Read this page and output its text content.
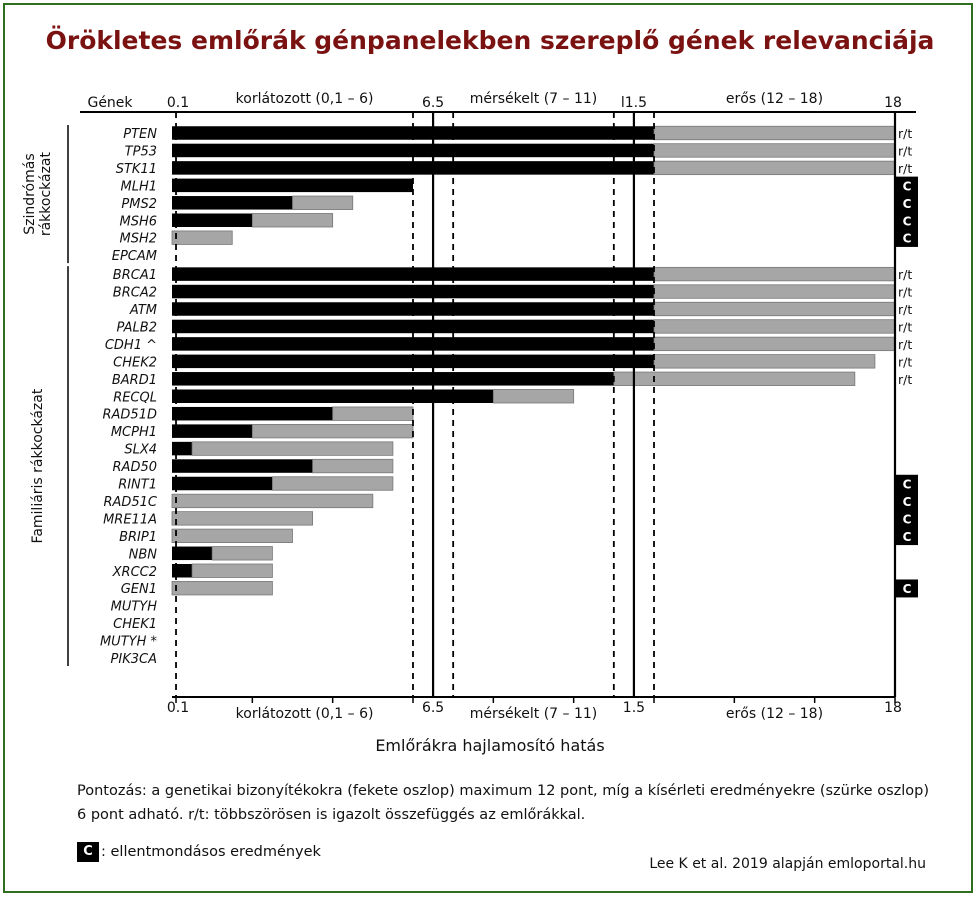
Örökletes emlőrák génpanelekben szereplő gének relevanciája
PTEN	r/t
TP53	r/t
STK11	r/t
MLH1	C
PMS2	C
MSH6	C
MSH2	C
EPCAM
BRCA1	r/t
BRCA2	r/t
ATM	r/t
PALB2	r/t
CDH1 ^	r/t
CHEK2	r/t
BARD1	r/t
RECQL
RAD51D
MCPH1
SLX4
RAD50
RINT1	C
RAD51C	C
MRE11A	C
BRIP1	C
NBN
XRCC2
GEN1	C
MUTYH
CHEK1
MUTYH *
PIK3CA
0.1	6.5	l1.5	18
korlátozott (0,1 – 6)	mérsékelt (7 – 11)	erős (12 – 18)
0.1	6.5	1.5	18
korlátozott (0,1 – 6)	mérsékelt (7 – 11)	erős (12 – 18)
Gének
Szindrómás rákkockázat
Familiáris rákkockázat
Emlőrákra hajlamosító hatás
Pontozás: a genetikai bizonyítékokra (fekete oszlop) maximum 12 pont, míg a kísérleti eredményekre (szürke oszlop) 6 pont adható. r/t: többszörösen is igazolt összefüggés az emlőrákkal.
C : ellentmondásos eredmények
Lee K et al. 2019 alapján emloportal.hu
